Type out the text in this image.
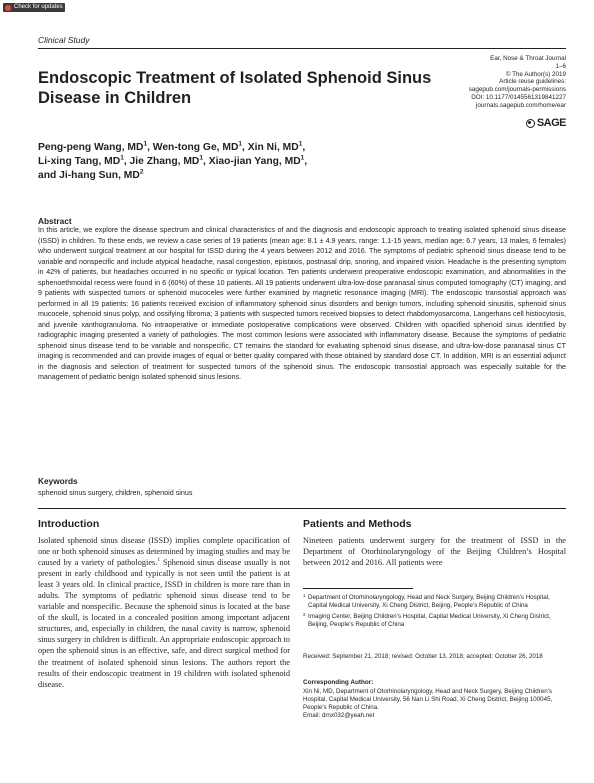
Check for updates
Clinical Study
Endoscopic Treatment of Isolated Sphenoid Sinus Disease in Children
Ear, Nose & Throat Journal
1–6
© The Author(s) 2019
Article reuse guidelines:
sagepub.com/journals-permissions
DOI: 10.1177/0145561319841227
journals.sagepub.com/home/ear
SAGE
Peng-peng Wang, $MD^1$, Wen-tong Ge, $MD^1$, Xin Ni, $MD^1$,
Li-xing Tang, $MD^1$, Jie Zhang, $MD^1$, Xiao-jian Yang, $MD^1$,
and Ji-hang Sun, $MD^2$
Abstract
In this article, we explore the disease spectrum and clinical characteristics of and the diagnosis and endoscopic approach to treating isolated sphenoid sinus disease (ISSD) in children. To these ends, we review a case series of 19 patients (mean age: 8.1 ± 4.9 years, range: 1.1-15 years, median age: 6.7 years, 13 males, 6 females) who underwent surgical treatment at our hospital for ISSD during the 4 years between 2012 and 2016. The symptoms of pediatric sphenoid sinus disease tend to be variable and nonspecific and include atypical headache, nasal congestion, epistaxis, postnasal drip, snoring, and impaired vision. Headache is the presenting symptom in 42% of patients, but headaches occurred in no specific or typical location. Ten patients underwent preoperative endoscopic examination, and abnormalities in the sphenoethmoidal recess were found in 6 (60%) of these 10 patients. All 19 patients underwent ultra-low-dose paranasal sinus computed tomography (CT) imaging, and 9 patients with suspected tumors or sphenoid mucoceles were further examined by magnetic resonance imaging (MRI). The endoscopic transostial approach was performed in all 19 patients: 16 patients received excision of inflammatory sphenoid sinus disorders and benign tumors, including sphenoid sinusitis, sphenoid sinus mucocele, sphenoid sinus polyp, and ossifying fibroma; 3 patients with suspected tumors received biopsies to detect rhabdomyosarcoma, Langerhans cell histiocytosis, and juvenile xanthogranuloma. No intraoperative or immediate postoperative complications were observed. Children with opacified sphenoid sinus identified by radiographic imaging presented a variety of pathologies. The most common lesions were associated with inflammatory disease. Because the symptoms of pediatric sphenoid sinus disease tend to be variable and nonspecific, CT remains the standard for evaluating sphenoid sinus disease, and ultra-low-dose paranasal sinus CT imaging is recommended and can provide images of equal or better quality compared with those obtained by standard dose CT. In addition, MRI is an essential adjunct in the diagnosis and selection of treatment for suspected tumors of the sphenoid sinus. The endoscopic transostial approach was especially suitable for the management of pediatric benign isolated sphenoid sinus lesions.
Keywords
sphenoid sinus surgery, children, sphenoid sinus
Introduction
Isolated sphenoid sinus disease (ISSD) implies complete opacification of one or both sphenoid sinuses as determined by imaging studies and may be caused by a variety of pathologies.$^1$ Sphenoid sinus disease usually is not present in early childhood and typically is not seen until the patient is at least 3 years old. In clinical practice, ISSD in children is more rare than in adults. The symptoms of pediatric sphenoid sinus disease tend to be variable and nonspecific. Because the sphenoid sinus is located at the base of the skull, is located in a concealed position among important adjacent structures, and, especially in children, the nasal cavity is narrow, sphenoid sinus surgery in children is difficult. An appropriate endoscopic approach to open the sphenoid sinus is an effective, safe, and direct surgical method for the treatment of isolated sphenoid sinus lesions. The authors report the results of their endoscopic treatment in 19 children with isolated sphenoid disease.
Patients and Methods
Nineteen patients underwent surgery for the treatment of ISSD in the Department of Otorhinolaryngology of the Beijing Children’s Hospital between 2012 and 2016. All patients were
1 Department of Otorhinolaryngology, Head and Neck Surgery, Beijing Children’s Hospital, Capital Medical University, Xi Cheng District, Beijing, People’s Republic of China
2 Imaging Center, Beijing Children’s Hospital, Capital Medical University, Xi Cheng District, Beijing, People’s Republic of China
Received: September 21, 2018; revised: October 13, 2018; accepted: October 26, 2018
Corresponding Author:
Xin Ni, MD, Department of Otorhinolaryngology, Head and Neck Surgery, Beijing Children’s Hospital, Capital Medical University, 56 Nan Li Shi Road, Xi Cheng District, Beijing 100045, People’s Republic of China.
Email: drnx032@yeah.net
